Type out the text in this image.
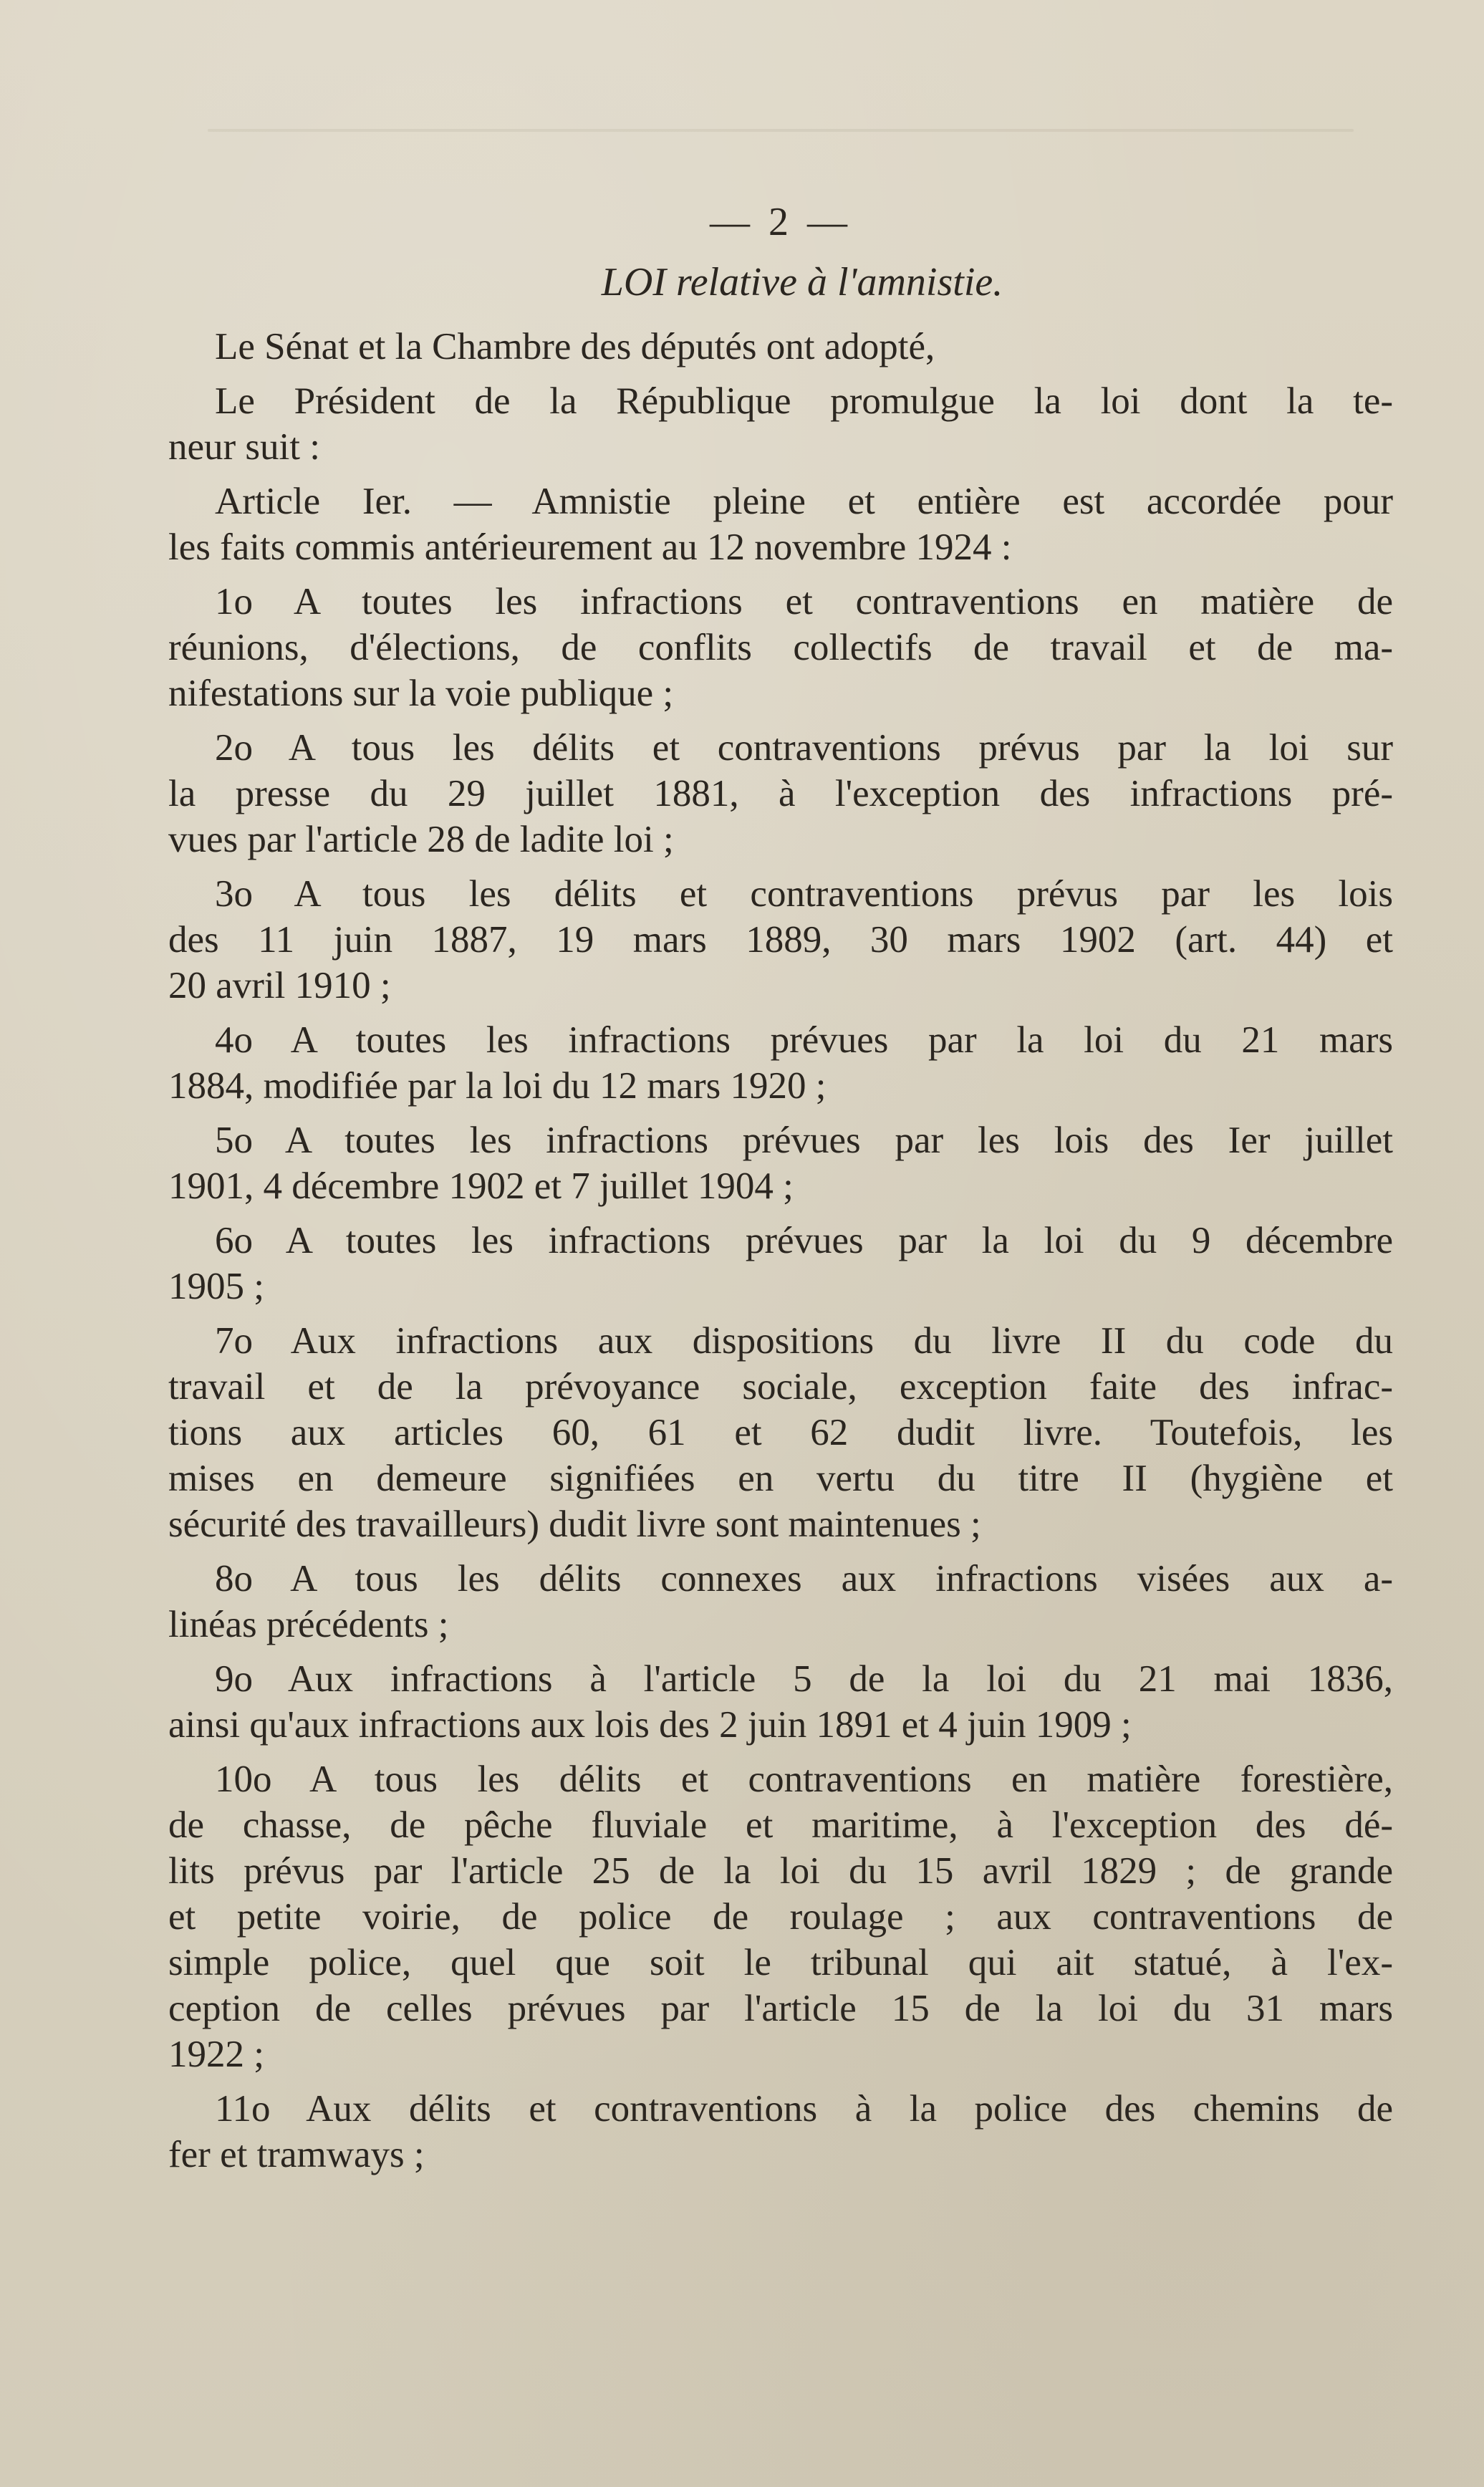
— 2 —
LOI relative à l'amnistie.
Le Sénat et la Chambre des députés ont adopté,
Le Président de la République promulgue la loi dont la te-
neur suit :
Article Ier. — Amnistie pleine et entière est accordée pour
les faits commis antérieurement au 12 novembre 1924 :
1o A toutes les infractions et contraventions en matière de
réunions, d'élections, de conflits collectifs de travail et de ma-
nifestations sur la voie publique ;
2o A tous les délits et contraventions prévus par la loi sur
la presse du 29 juillet 1881, à l'exception des infractions pré-
vues par l'article 28 de ladite loi ;
3o A tous les délits et contraventions prévus par les lois
des 11 juin 1887, 19 mars 1889, 30 mars 1902 (art. 44) et
20 avril 1910 ;
4o A toutes les infractions prévues par la loi du 21 mars
1884, modifiée par la loi du 12 mars 1920 ;
5o A toutes les infractions prévues par les lois des Ier juillet
1901, 4 décembre 1902 et 7 juillet 1904 ;
6o A toutes les infractions prévues par la loi du 9 décembre
1905 ;
7o Aux infractions aux dispositions du livre II du code du
travail et de la prévoyance sociale, exception faite des infrac-
tions aux articles 60, 61 et 62 dudit livre. Toutefois, les
mises en demeure signifiées en vertu du titre II (hygiène et
sécurité des travailleurs) dudit livre sont maintenues ;
8o A tous les délits connexes aux infractions visées aux a-
linéas précédents ;
9o Aux infractions à l'article 5 de la loi du 21 mai 1836,
ainsi qu'aux infractions aux lois des 2 juin 1891 et 4 juin 1909 ;
10o A tous les délits et contraventions en matière forestière,
de chasse, de pêche fluviale et maritime, à l'exception des dé-
lits prévus par l'article 25 de la loi du 15 avril 1829 ; de grande
et petite voirie, de police de roulage ; aux contraventions de
simple police, quel que soit le tribunal qui ait statué, à l'ex-
ception de celles prévues par l'article 15 de la loi du 31 mars
1922 ;
11o Aux délits et contraventions à la police des chemins de
fer et tramways ;
